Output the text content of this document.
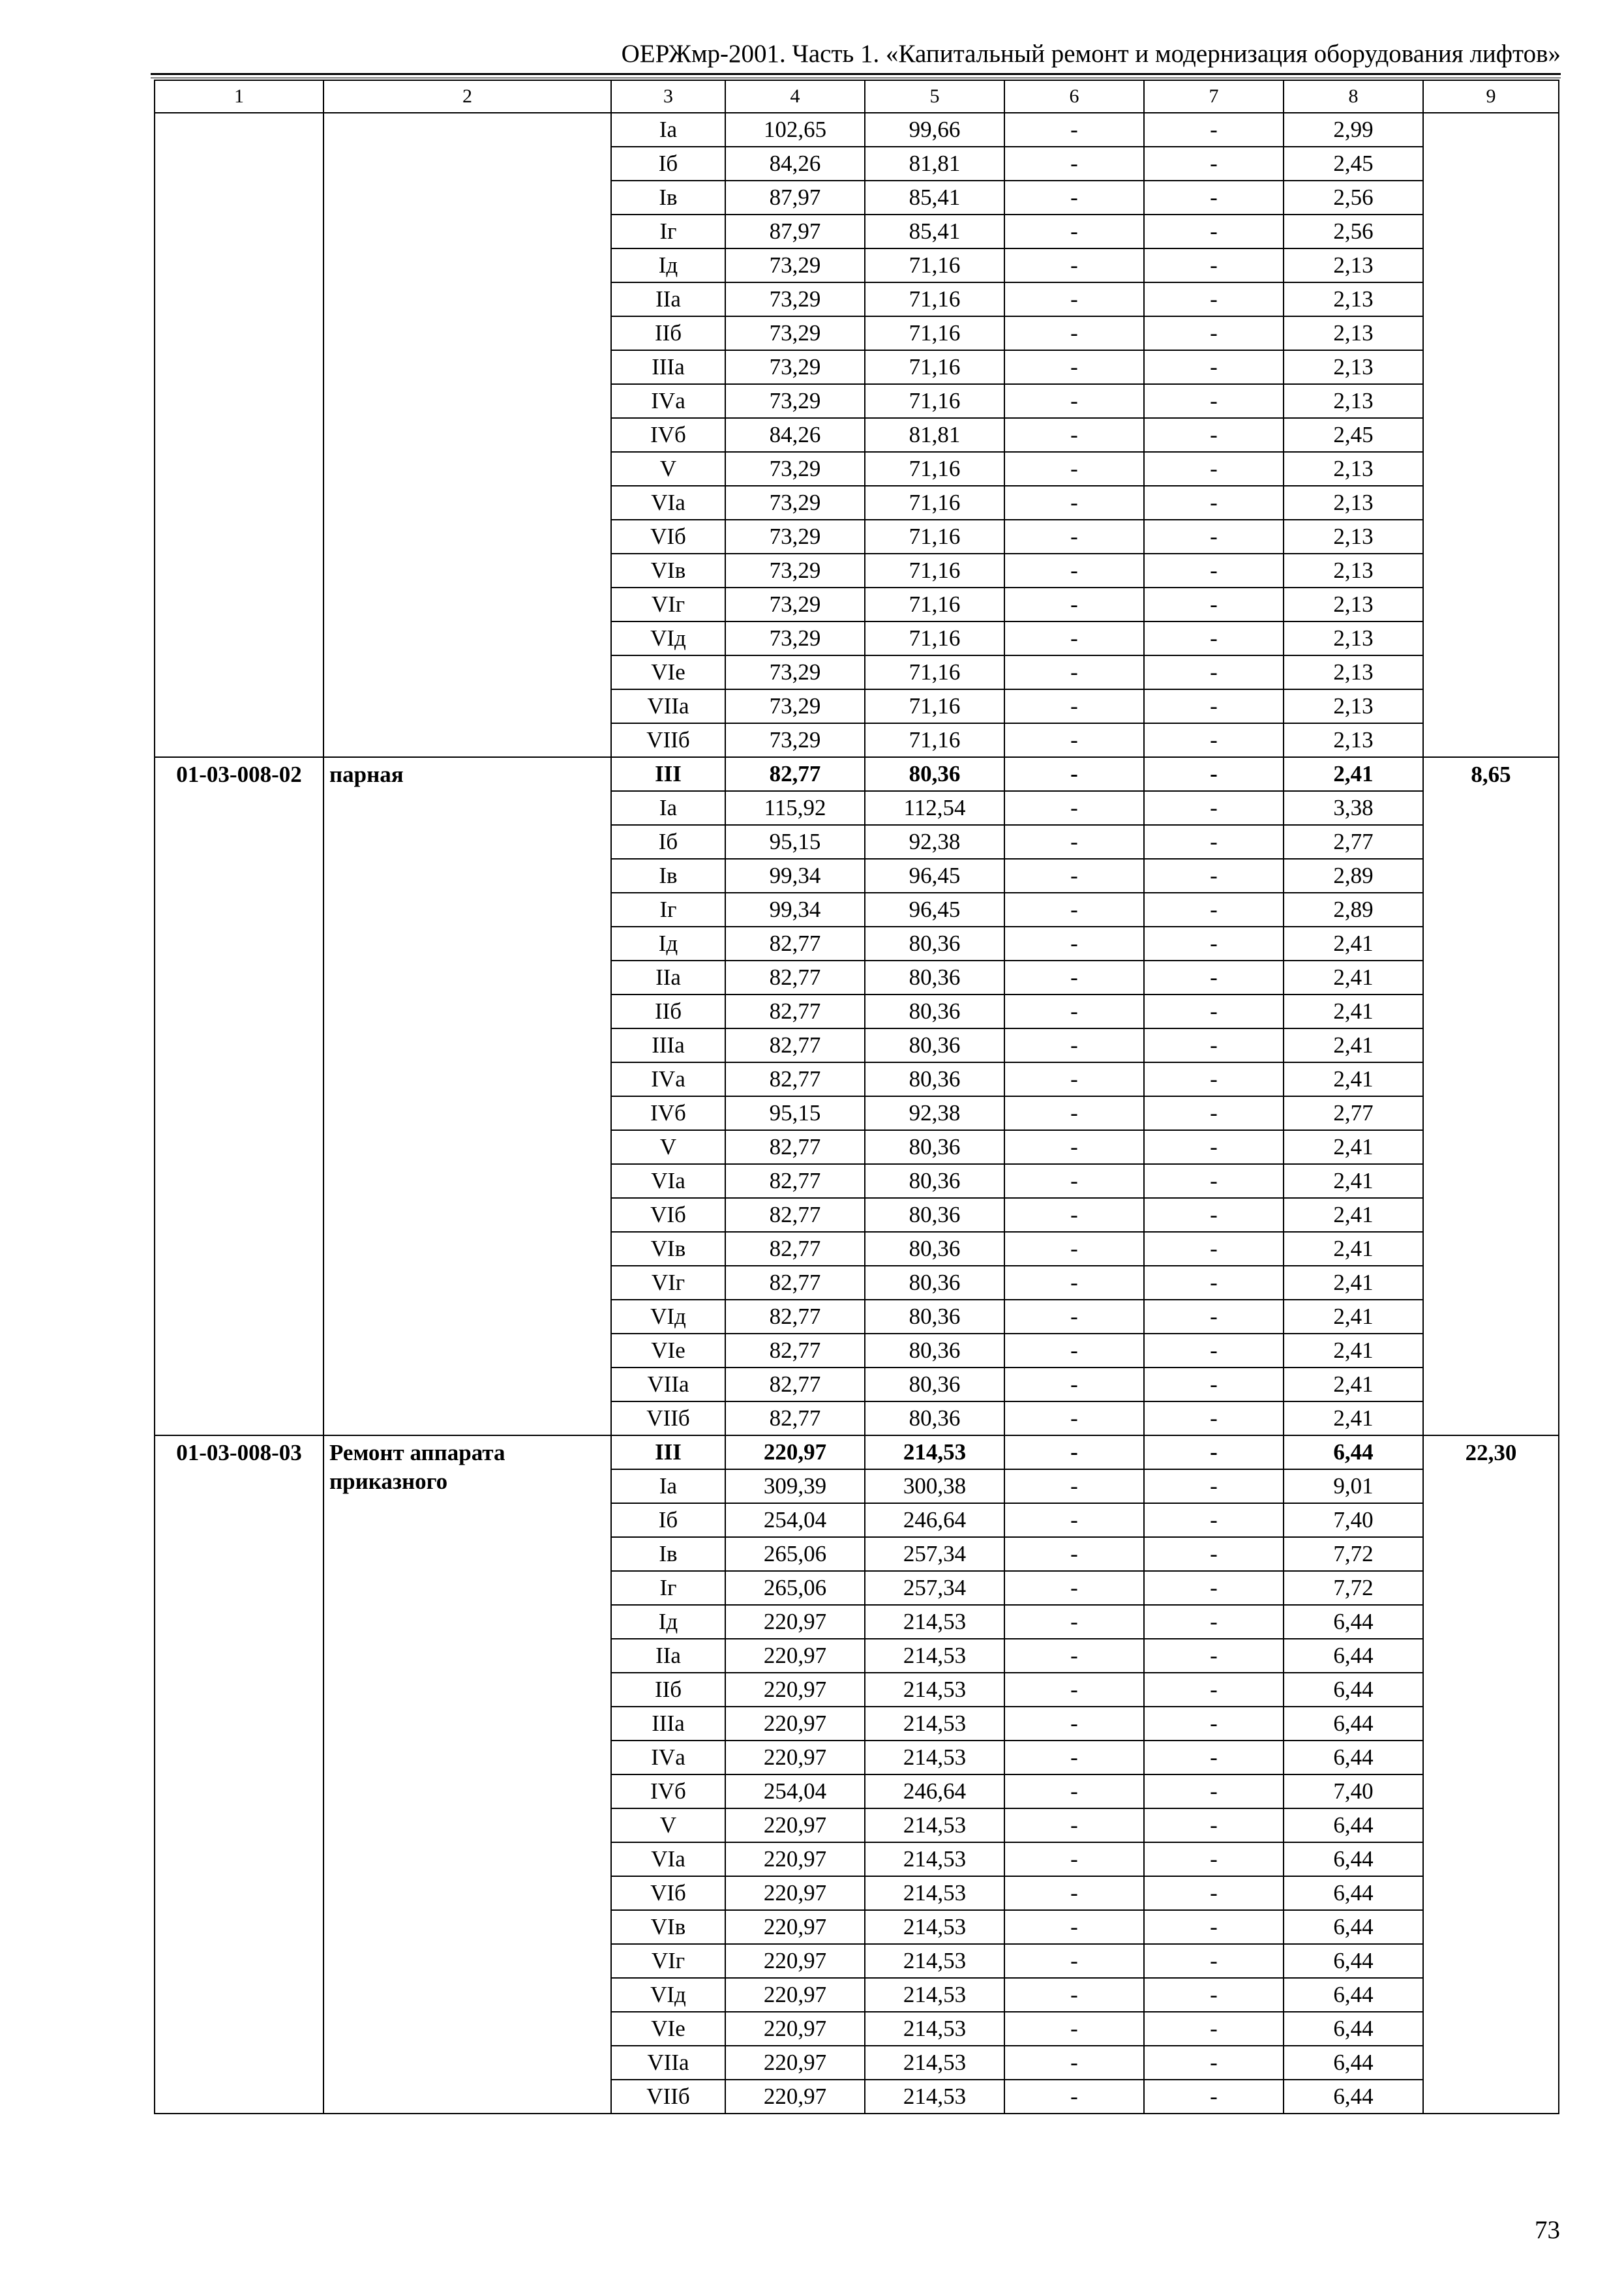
ОЕРЖмр-2001. Часть 1. «Капитальный ремонт и модернизация оборудования лифтов»
1	2	3	4	5	6	7	8	9
		Iа	102,65	99,66	-	-	2,99	
		Iб	84,26	81,81	-	-	2,45	
		Iв	87,97	85,41	-	-	2,56	
		Iг	87,97	85,41	-	-	2,56	
		Iд	73,29	71,16	-	-	2,13	
		IIа	73,29	71,16	-	-	2,13	
		IIб	73,29	71,16	-	-	2,13	
		IIIа	73,29	71,16	-	-	2,13	
		IVа	73,29	71,16	-	-	2,13	
		IVб	84,26	81,81	-	-	2,45	
		V	73,29	71,16	-	-	2,13	
		VIа	73,29	71,16	-	-	2,13	
		VIб	73,29	71,16	-	-	2,13	
		VIв	73,29	71,16	-	-	2,13	
		VIг	73,29	71,16	-	-	2,13	
		VIд	73,29	71,16	-	-	2,13	
		VIе	73,29	71,16	-	-	2,13	
		VIIа	73,29	71,16	-	-	2,13	
		VIIб	73,29	71,16	-	-	2,13	
01-03-008-02	парная	III	82,77	80,36	-	-	2,41	8,65
		Iа	115,92	112,54	-	-	3,38	
		Iб	95,15	92,38	-	-	2,77	
		Iв	99,34	96,45	-	-	2,89	
		Iг	99,34	96,45	-	-	2,89	
		Iд	82,77	80,36	-	-	2,41	
		IIа	82,77	80,36	-	-	2,41	
		IIб	82,77	80,36	-	-	2,41	
		IIIа	82,77	80,36	-	-	2,41	
		IVа	82,77	80,36	-	-	2,41	
		IVб	95,15	92,38	-	-	2,77	
		V	82,77	80,36	-	-	2,41	
		VIа	82,77	80,36	-	-	2,41	
		VIб	82,77	80,36	-	-	2,41	
		VIв	82,77	80,36	-	-	2,41	
		VIг	82,77	80,36	-	-	2,41	
		VIд	82,77	80,36	-	-	2,41	
		VIе	82,77	80,36	-	-	2,41	
		VIIа	82,77	80,36	-	-	2,41	
		VIIб	82,77	80,36	-	-	2,41	
01-03-008-03	Ремонт аппарата приказного	III	220,97	214,53	-	-	6,44	22,30
		Iа	309,39	300,38	-	-	9,01	
		Iб	254,04	246,64	-	-	7,40	
		Iв	265,06	257,34	-	-	7,72	
		Iг	265,06	257,34	-	-	7,72	
		Iд	220,97	214,53	-	-	6,44	
		IIа	220,97	214,53	-	-	6,44	
		IIб	220,97	214,53	-	-	6,44	
		IIIа	220,97	214,53	-	-	6,44	
		IVа	220,97	214,53	-	-	6,44	
		IVб	254,04	246,64	-	-	7,40	
		V	220,97	214,53	-	-	6,44	
		VIа	220,97	214,53	-	-	6,44	
		VIб	220,97	214,53	-	-	6,44	
		VIв	220,97	214,53	-	-	6,44	
		VIг	220,97	214,53	-	-	6,44	
		VIд	220,97	214,53	-	-	6,44	
		VIе	220,97	214,53	-	-	6,44	
		VIIа	220,97	214,53	-	-	6,44	
		VIIб	220,97	214,53	-	-	6,44	
73
